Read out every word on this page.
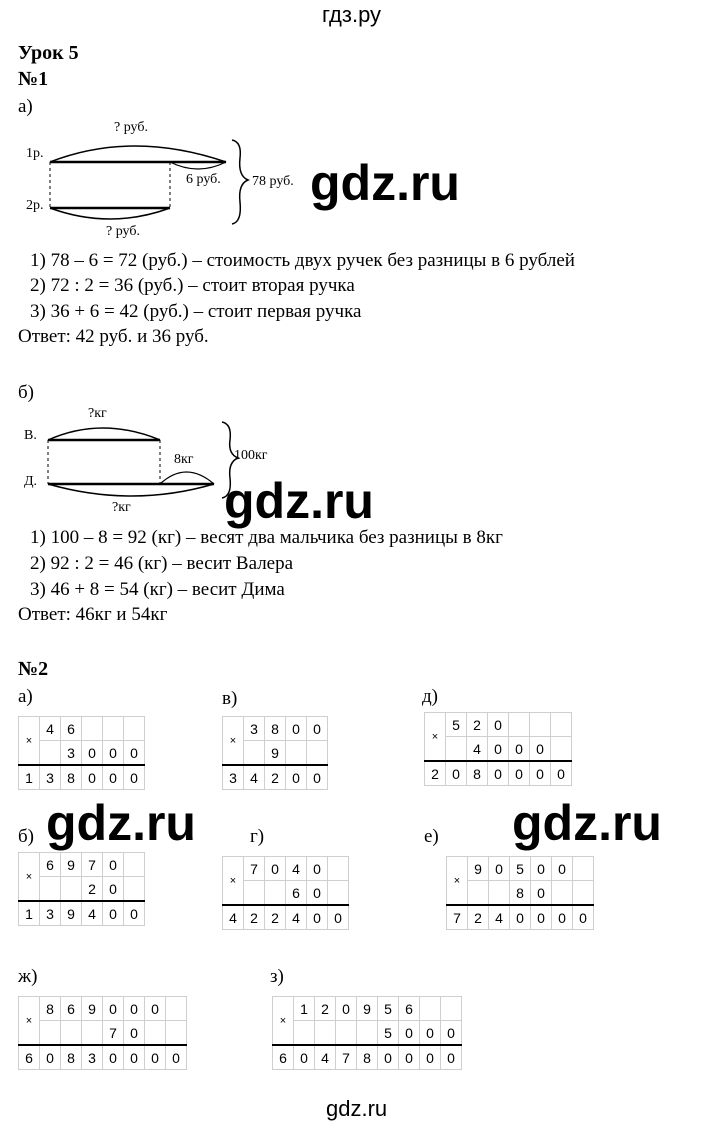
гдз.ру
gdz.ru
Урок 5
№1
а)
? руб.
1р.
2р.
6 руб. 78 руб.
? руб.
gdz.ru
1) 78 – 6 = 72 (руб.) – стоимость двух ручек без разницы в 6 рублей
2) 72 : 2 = 36 (руб.) – стоит вторая ручка
3) 36 + 6 = 42 (руб.) – стоит первая ручка
Ответ: 42 руб. и 36 руб.
б)
?кг
В.
Д.
8кг	100кг
?кг gdz.ru
1) 100 – 8 = 92 (кг) – весят два мальчика без разницы в 8кг
2) 92 : 2 = 46 (кг) – весит Валера
3) 46 + 8 = 54 (кг) – весит Дима
Ответ: 46кг и 54кг
№2
а)	в)	д)
б)	г)	е)
ж)	з)
×	4	6			
		3	0	0	0
1	3	8	0	0	0
×	3	8	0	0
		9		
3	4	2	0	0
×	5	2	0			
		4	0	0	0	
2	0	8	0	0	0	0
gdz.ru	gdz.ru
×	6	9	7	0	
			2	0	
1	3	9	4	0	0
×	7	0	4	0	
			6	0	
4	2	2	4	0	0
×	9	0	5	0	0	
			8	0		
7	2	4	0	0	0	0
×	8	6	9	0	0	0	
				7	0		
6	0	8	3	0	0	0	0
×	1	2	0	9	5	6		
					5	0	0	0
6	0	4	7	8	0	0	0	0
